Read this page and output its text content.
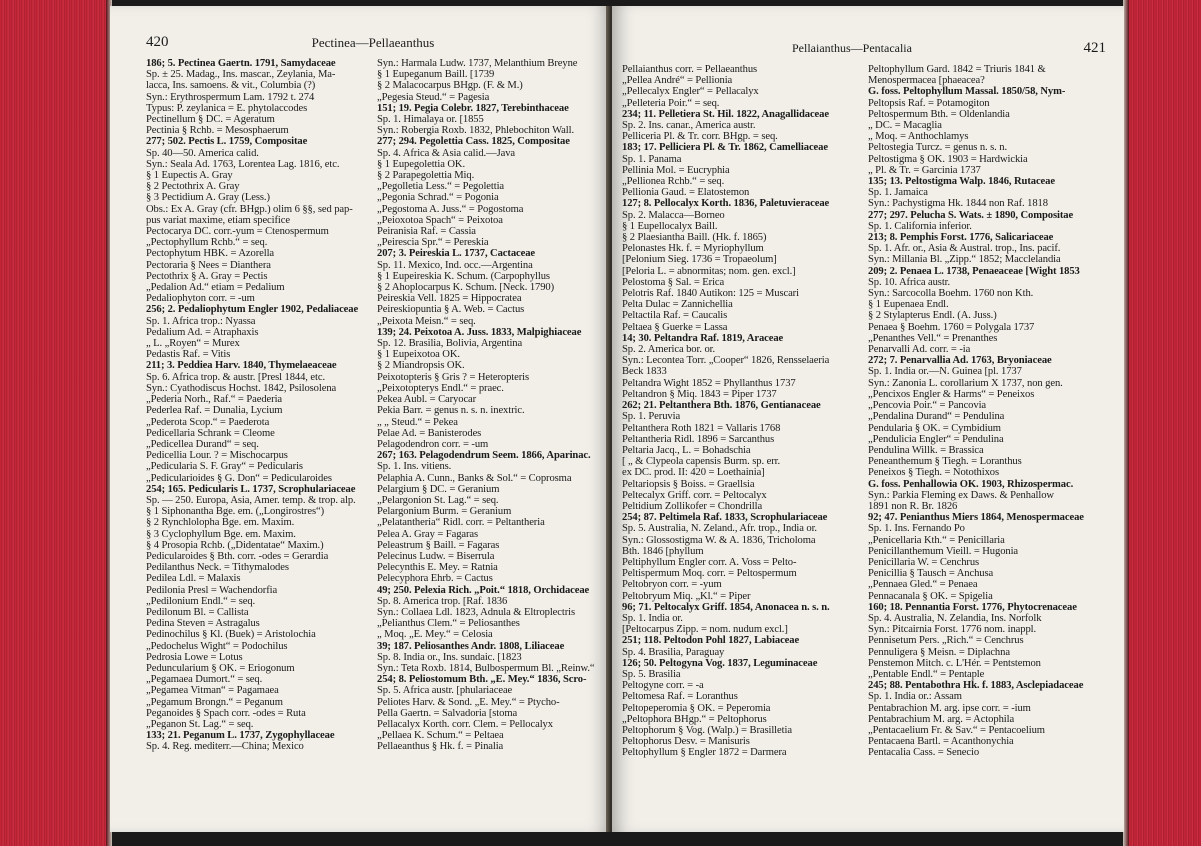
420	Pectinea—Pellaeanthus
186; 5. Pectinea Gaertn. 1791, Samydaceae
Sp. ± 25. Madag., Ins. mascar., Zeylania, Ma-
lacca, Ins. samoens. & vit., Columbia (?)
Syn.: Erythrospermum Lam. 1792 t. 274
Typus: P. zeylanica = E. phytolaccodes
Pectinellum § DC. = Ageratum
Pectinia § Rchb. = Mesosphaerum
277; 502. Pectis L. 1759, Compositae
Sp. 40—50. America calid.
Syn.: Seala Ad. 1763, Lorentea Lag. 1816, etc.
§ 1 Eupectis A. Gray
§ 2 Pectothrix A. Gray
§ 3 Pectidium A. Gray (Less.)
Obs.: Ex A. Gray (cfr. BHgp.) olim 6 §§, sed pap-
pus variat maxime, etiam specifice
Pectocarya DC. corr.-yum = Ctenospermum
„Pectophyllum Rchb.“ = seq.
Pectophytum HBK. = Azorella
Pectoraria § Nees = Dianthera
Pectothrix § A. Gray = Pectis
„Pedalion Ad.“ etiam = Pedalium
Pedaliophyton corr. = -um
256; 2. Pedaliophytum Engler 1902, Pedaliaceae
Sp. 1. Africa trop.: Nyassa
Pedalium Ad. = Atraphaxis
„ L. „Royen“ = Murex
Pedastis Raf. = Vitis
211; 3. Peddiea Harv. 1840, Thymelaeaceae
Sp. 6. Africa trop. & austr. [Presl 1844, etc.
Syn.: Cyathodiscus Hochst. 1842, Psilosolena
„Pederia Norh., Raf.“ = Paederia
Pederlea Raf. = Dunalia, Lycium
„Pederota Scop.“ = Paederota
Pedicellaria Schrank = Cleome
„Pedicellea Durand“ = seq.
Pedicellia Lour. ? = Mischocarpus
„Pedicularia S. F. Gray“ = Pedicularis
„Pedicularioides § G. Don“ = Pedicularoides
254; 165. Pedicularis L. 1737, Scrophulariaceae
Sp. — 250. Europa, Asia, Amer. temp. & trop. alp.
§ 1 Siphonantha Bge. em. („Longirostres“)
§ 2 Rynchlolopha Bge. em. Maxim.
§ 3 Cyclophyllum Bge. em. Maxim.
§ 4 Prosopia Rchb. („Didentatae“ Maxim.)
Pedicularoides § Bth. corr. -odes = Gerardia
Pedilanthus Neck. = Tithymalodes
Pedilea Ldl. = Malaxis
Pedilonia Presl = Wachendorfia
„Pedilonium Endl.“ = seq.
Pedilonum Bl. = Callista
Pedina Steven = Astragalus
Pedinochilus § Kl. (Buek) = Aristolochia
„Pedochelus Wight“ = Podochilus
Pedrosia Lowe = Lotus
Peduncularium § OK. = Eriogonum
„Pegamaea Dumort.“ = seq.
„Pegamea Vitman“ = Pagamaea
„Pegamum Brongn.“ = Peganum
Peganoides § Spach corr. -odes = Ruta
„Peganon St. Lag.“ = seq.
133; 21. Peganum L. 1737, Zygophyllaceae
Sp. 4. Reg. mediterr.—China; Mexico
Syn.: Harmala Ludw. 1737, Melanthium Breyne
§ 1 Eupeganum Baill. [1739
§ 2 Malacocarpus BHgp. (F. & M.)
„Pegesia Steud.“ = Pagesia
151; 19. Pegia Colebr. 1827, Terebinthaceae
Sp. 1. Himalaya or. [1855
Syn.: Robergia Roxb. 1832, Phlebochiton Wall.
277; 294. Pegolettia Cass. 1825, Compositae
Sp. 4. Africa & Asia calid.—Java
§ 1 Eupegolettia OK.
§ 2 Parapegolettia Miq.
„Pegolletia Less.“ = Pegolettia
„Pegonia Schrad.“ = Pogonia
„Pegostoma A. Juss.“ = Pogostoma
„Peioxotoa Spach“ = Peixotoa
Peiranisia Raf. = Cassia
„Peirescia Spr.“ = Pereskia
207; 3. Peireskia L. 1737, Cactaceae
Sp. 11. Mexico, Ind. occ.—Argentina
§ 1 Eupeireskia K. Schum. (Carpophyllus
§ 2 Ahoplocarpus K. Schum. [Neck. 1790)
Peireskia Vell. 1825 = Hippocratea
Peireskiopuntia § A. Web. = Cactus
„Peixota Meisn.“ = seq.
139; 24. Peixotoa A. Juss. 1833, Malpighiaceae
Sp. 12. Brasilia, Bolivia, Argentina
§ 1 Eupeixotoa OK.
§ 2 Miandropsis OK.
Peixotopteris § Gris ? = Heteropteris
„Peixotopterys Endl.“ = praec.
Pekea Aubl. = Caryocar
Pekia Barr. = genus n. s. n. inextric.
„ „ Steud.“ = Pekea
Pelae Ad. = Banisterodes
Pelagodendron corr. = -um
267; 163. Pelagodendrum Seem. 1866, Aparinac.
Sp. 1. Ins. vitiens.
Pelaphia A. Cunn., Banks & Sol.“ = Coprosma
Pelargium § DC. = Geranium
„Pelargonion St. Lag.“ = seq.
Pelargonium Burm. = Geranium
„Pelatantheria“ Ridl. corr. = Peltantheria
Pelea A. Gray = Fagaras
Peleastrum § Baill. = Fagaras
Pelecinus Ludw. = Biserrula
Pelecynthis E. Mey. = Ratnia
Pelecyphora Ehrb. = Cactus
49; 250. Pelexia Rich. „Poit.“ 1818, Orchidaceae
Sp. 8. America trop. [Raf. 1836
Syn.: Collaea Ldl. 1823, Adnula & Eltroplectris
„Pelianthus Clem.“ = Peliosanthes
„ Moq. „E. Mey.“ = Celosia
39; 187. Peliosanthes Andr. 1808, Liliaceae
Sp. 8. India or., Ins. sundaic. [1823
Syn.: Teta Roxb. 1814, Bulbospermum Bl. „Reinw.“
254; 8. Peliostomum Bth. „E. Mey.“ 1836, Scro-
Sp. 5. Africa austr. [phulariaceae
Peliotes Harv. & Sond. „E. Mey.“ = Ptycho-
Pella Gaertn. = Salvadoria [stoma
Pellacalyx Korth. corr. Clem. = Pellocalyx
„Pellaea K. Schum.“ = Peltaea
Pellaeanthus § Hk. f. = Pinalia
Pellaianthus—Pentacalia	421
Pellaianthus corr. = Pellaeanthus
„Pellea André“ = Pellionia
„Pellecalyx Engler“ = Pellacalyx
„Pelleteria Poir.“ = seq.
234; 11. Pelletiera St. Hil. 1822, Anagallidaceae
Sp. 2. Ins. canar., America austr.
Pelliceria Pl. & Tr. corr. BHgp. = seq.
183; 17. Pelliciera Pl. & Tr. 1862, Camelliaceae
Sp. 1. Panama
Pellinia Mol. = Eucryphia
„Pellionea Rchb.“ = seq.
Pellionia Gaud. = Elatostemon
127; 8. Pellocalyx Korth. 1836, Paletuvieraceae
Sp. 2. Malacca—Borneo
§ 1 Eupellocalyx Baill.
§ 2 Plaesiantha Baill. (Hk. f. 1865)
Pelonastes Hk. f. = Myriophyllum
[Pelonium Sieg. 1736 = Tropaeolum]
[Peloria L. = abnormitas; nom. gen. excl.]
Pelostoma § Sal. = Erica
Pelotris Raf. 1840 Autikon: 125 = Muscari
Pelta Dulac = Zannichellia
Peltactila Raf. = Caucalis
Peltaea § Guerke = Lassa
14; 30. Peltandra Raf. 1819, Araceae
Sp. 2. America bor. or.
Syn.: Lecontea Torr. „Cooper“ 1826, Rensselaeria
Beck 1833
Peltandra Wight 1852 = Phyllanthus 1737
Peltandron § Miq. 1843 = Piper 1737
262; 21. Peltanthera Bth. 1876, Gentianaceae
Sp. 1. Peruvia
Peltanthera Roth 1821 = Vallaris 1768
Peltantheria Ridl. 1896 = Sarcanthus
Peltaria Jacq., L. = Bohadschia
[ „ & Clypeola capensis Burm. sp. err.
ex DC. prod. II: 420 = Loethainia]
Peltariopsis § Boiss. = Graellsia
Peltecalyx Griff. corr. = Peltocalyx
Peltidium Zollikofer = Chondrilla
254; 87. Peltimela Raf. 1833, Scrophulariaceae
Sp. 5. Australia, N. Zeland., Afr. trop., India or.
Syn.: Glossostigma W. & A. 1836, Tricholoma
Bth. 1846 [phyllum
Peltiphyllum Engler corr. A. Voss = Pelto-
Peltispermum Moq. corr. = Peltospermum
Peltobryon corr. = -yum
Peltobryum Miq. „Kl.“ = Piper
96; 71. Peltocalyx Griff. 1854, Anonacea n. s. n.
Sp. 1. India or.
[Peltocarpus Zipp. = nom. nudum excl.]
251; 118. Peltodon Pohl 1827, Labiaceae
Sp. 4. Brasilia, Paraguay
126; 50. Peltogyna Vog. 1837, Leguminaceae
Sp. 5. Brasilia
Peltogyne corr. = -a
Peltomesa Raf. = Loranthus
Peltopeperomia § OK. = Peperomia
„Peltophora BHgp.“ = Peltophorus
Peltophorum § Vog. (Walp.) = Brasilletia
Peltophorus Desv. = Manisuris
Peltophyllum § Engler 1872 = Darmera
Peltophyllum Gard. 1842 = Triuris 1841 &
Menospermacea [phaeacea?
G. foss. Peltophyllum Massal. 1850/58, Nym-
Peltopsis Raf. = Potamogiton
Peltospermum Bth. = Oldenlandia
„ DC. = Macaglia
„ Moq. = Anthochlamys
Peltostegia Turcz. = genus n. s. n.
Peltostigma § OK. 1903 = Hardwickia
„ Pl. & Tr. = Garcinia 1737
135; 13. Peltostigma Walp. 1846, Rutaceae
Sp. 1. Jamaica
Syn.: Pachystigma Hk. 1844 non Raf. 1818
277; 297. Pelucha S. Wats. ± 1890, Compositae
Sp. 1. California inferior.
213; 8. Pemphis Forst. 1776, Salicariaceae
Sp. 1. Afr. or., Asia & Austral. trop., Ins. pacif.
Syn.: Millania Bl. „Zipp.“ 1852; Macclelandia
209; 2. Penaea L. 1738, Penaeaceae [Wight 1853
Sp. 10. Africa austr.
Syn.: Sarcocolla Boehm. 1760 non Kth.
§ 1 Eupenaea Endl.
§ 2 Stylapterus Endl. (A. Juss.)
Penaea § Boehm. 1760 = Polygala 1737
„Penanthes Vell.“ = Prenanthes
Penarvalli Ad. corr. = -ia
272; 7. Penarvallia Ad. 1763, Bryoniaceae
Sp. 1. India or.—N. Guinea [pl. 1737
Syn.: Zanonia L. corollarium X 1737, non gen.
„Pencixos Engler & Harms“ = Peneixos
„Pencovia Poir.“ = Pancovia
„Pendalina Durand“ = Pendulina
Pendularia § OK. = Cymbidium
„Pendulicia Engler“ = Pendulina
Pendulina Willk. = Brassica
Peneanthemum § Tiegh. = Loranthus
Peneixos § Tiegh. = Notothixos
G. foss. Penhallowia OK. 1903, Rhizospermac.
Syn.: Parkia Fleming ex Daws. & Penhallow
1891 non R. Br. 1826
92; 47. Penianthus Miers 1864, Menospermaceae
Sp. 1. Ins. Fernando Po
„Penicellaria Kth.“ = Penicillaria
Penicillanthemum Vieill. = Hugonia
Penicillaria W. = Cenchrus
Penicillia § Tausch = Anchusa
„Pennaea Gled.“ = Penaea
Pennacanala § OK. = Spigelia
160; 18. Pennantia Forst. 1776, Phytocrenaceae
Sp. 4. Australia, N. Zelandia, Ins. Norfolk
Syn.: Pitcairnia Forst. 1776 nom. inappl.
Pennisetum Pers. „Rich.“ = Cenchrus
Pennuligera § Meisn. = Diplachna
Penstemon Mitch. c. L'Hér. = Pentstemon
„Pentable Endl.“ = Pentaple
245; 88. Pentabothra Hk. f. 1883, Asclepiadaceae
Sp. 1. India or.: Assam
Pentabrachion M. arg. ipse corr. = -ium
Pentabrachium M. arg. = Actophila
„Pentacaelium Fr. & Sav.“ = Pentacoelium
Pentacaena Bartl. = Acanthonychia
Pentacalia Cass. = Senecio
